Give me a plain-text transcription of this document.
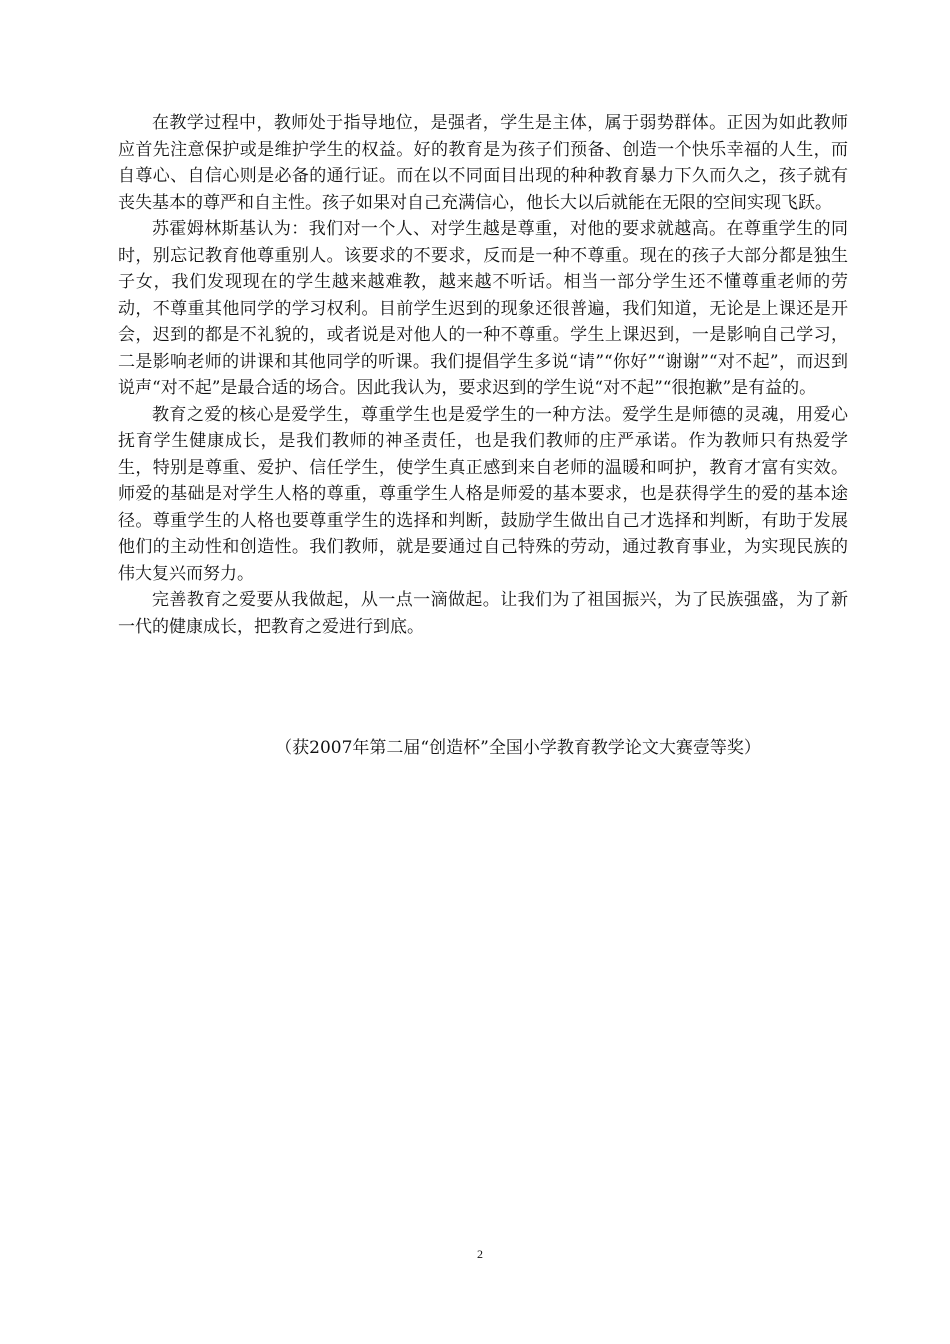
在教学过程中，教师处于指导地位，是强者，学生是主体，属于弱势群体。正因为如此教师应首先注意保护或是维护学生的权益。好的教育是为孩子们预备、创造一个快乐幸福的人生，而自尊心、自信心则是必备的通行证。而在以不同面目出现的种种教育暴力下久而久之，孩子就有丧失基本的尊严和自主性。孩子如果对自己充满信心，他长大以后就能在无限的空间实现飞跃。

苏霍姆林斯基认为：我们对一个人、对学生越是尊重，对他的要求就越高。在尊重学生的同时，别忘记教育他尊重别人。该要求的不要求，反而是一种不尊重。现在的孩子大部分都是独生子女，我们发现现在的学生越来越难教，越来越不听话。相当一部分学生还不懂尊重老师的劳动，不尊重其他同学的学习权利。目前学生迟到的现象还很普遍，我们知道，无论是上课还是开会，迟到的都是不礼貌的，或者说是对他人的一种不尊重。学生上课迟到，一是影响自己学习，二是影响老师的讲课和其他同学的听课。我们提倡学生多说“请”“你好”“谢谢”“对不起”，而迟到说声“对不起”是最合适的场合。因此我认为，要求迟到的学生说“对不起”“很抱歉”是有益的。

教育之爱的核心是爱学生，尊重学生也是爱学生的一种方法。爱学生是师德的灵魂，用爱心抚育学生健康成长，是我们教师的神圣责任，也是我们教师的庄严承诺。作为教师只有热爱学生，特别是尊重、爱护、信任学生，使学生真正感到来自老师的温暖和呵护，教育才富有实效。师爱的基础是对学生人格的尊重，尊重学生人格是师爱的基本要求，也是获得学生的爱的基本途径。尊重学生的人格也要尊重学生的选择和判断，鼓励学生做出自己才选择和判断，有助于发展他们的主动性和创造性。我们教师，就是要通过自己特殊的劳动，通过教育事业，为实现民族的伟大复兴而努力。

完善教育之爱要从我做起，从一点一滴做起。让我们为了祖国振兴，为了民族强盛，为了新一代的健康成长，把教育之爱进行到底。

（获2007年第二届“创造杯”全国小学教育教学论文大赛壹等奖）
2
